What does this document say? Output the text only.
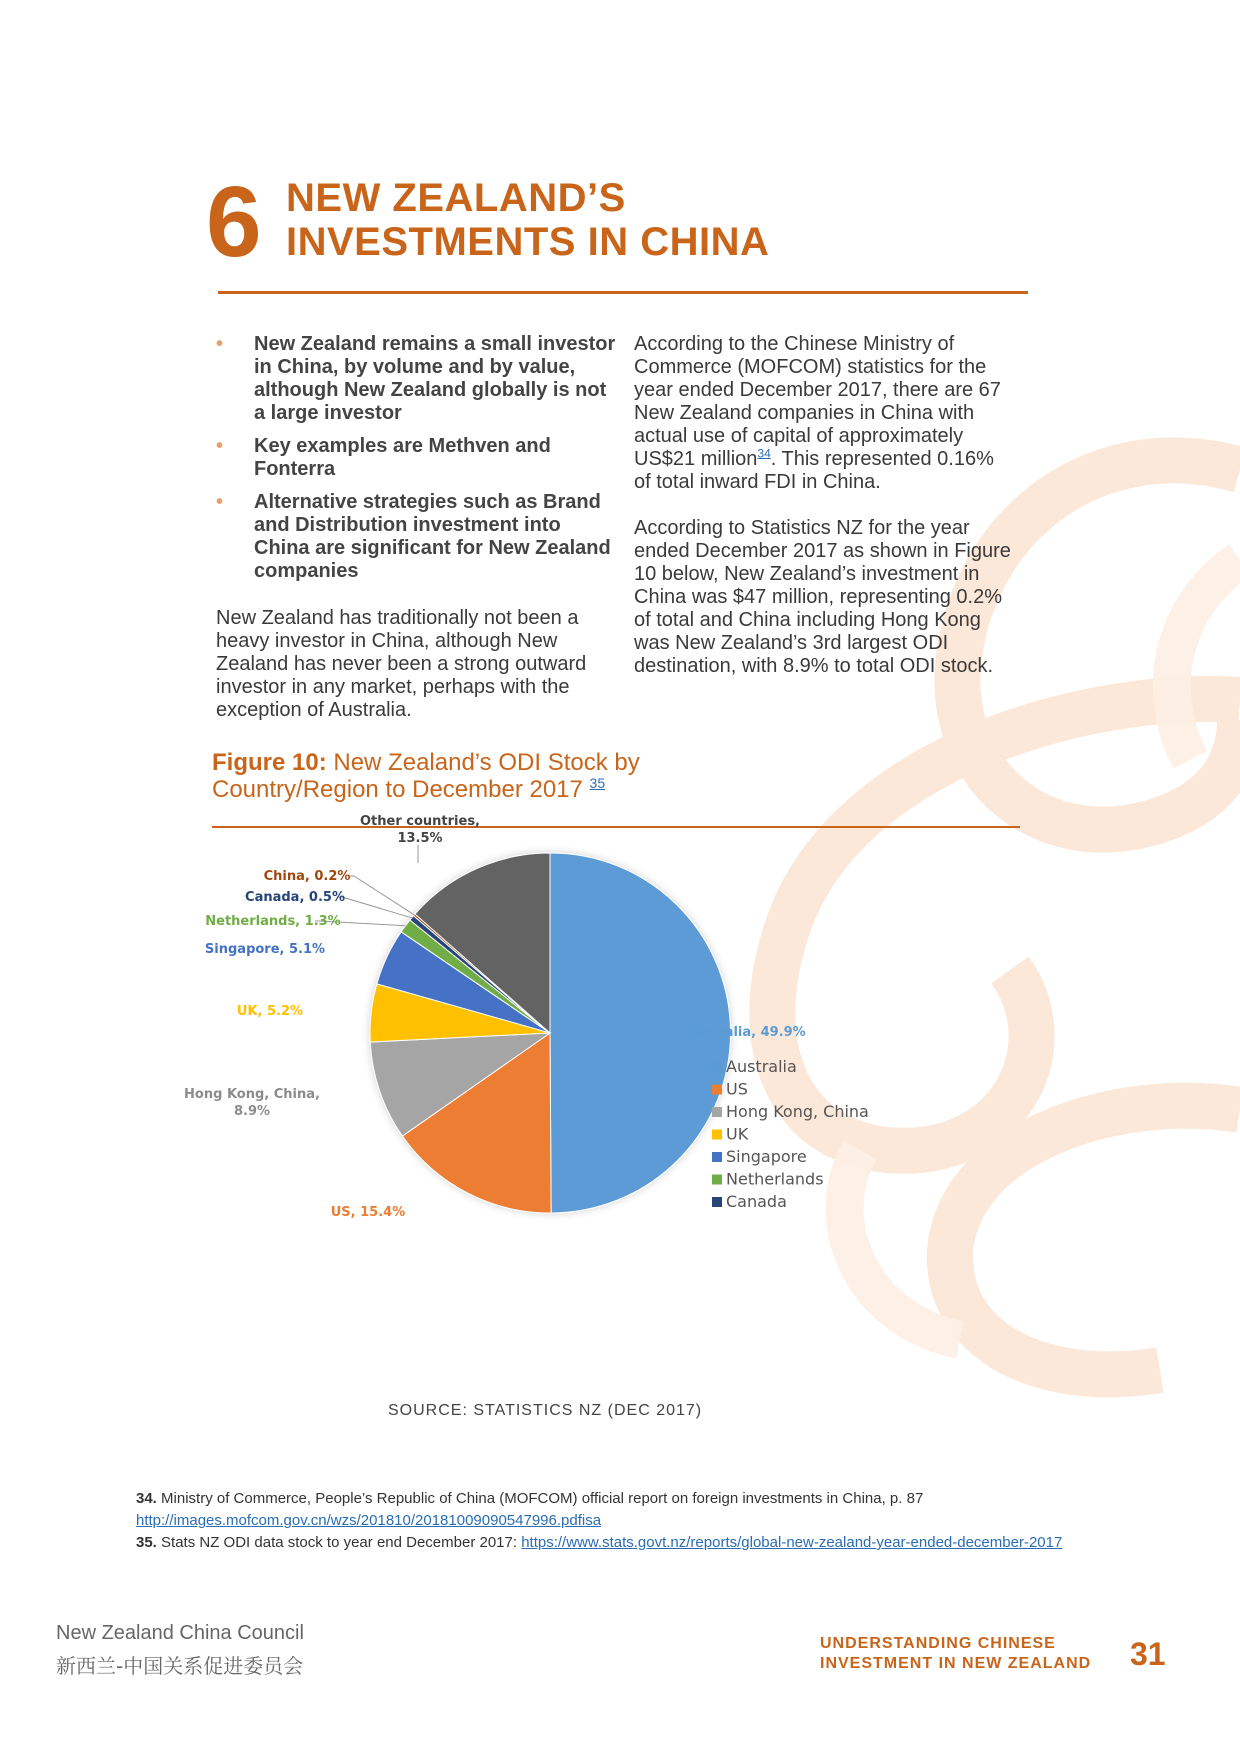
6 NEW ZEALAND’S
INVESTMENTS IN CHINA
• New Zealand remains a small investor in China, by volume and by value, although New Zealand globally is not a large investor
• Key examples are Methven and Fonterra
• Alternative strategies such as Brand and Distribution investment into China are significant for New Zealand companies

New Zealand has traditionally not been a heavy investor in China, although New Zealand has never been a strong outward investor in any market, perhaps with the exception of Australia.

According to the Chinese Ministry of Commerce (MOFCOM) statistics for the year ended December 2017, there are 67 New Zealand companies in China with actual use of capital of approximately US$21 million$^{34}$. This represented 0.16% of total inward FDI in China.

According to Statistics NZ for the year ended December 2017 as shown in Figure 10 below, New Zealand’s investment in China was $47 million, representing 0.2% of total and China including Hong Kong was New Zealand’s 3rd largest ODI destination, with 8.9% to total ODI stock.

Figure 10: New Zealand’s ODI Stock by
Country/Region to December 2017 $^{35}$
Australia, 49.9%
US, 15.4%
Hong Kong, China, 8.9%
UK, 5.2%
Singapore, 5.1%
Netherlands, 1.3%
Canada, 0.5%
China, 0.2%
Other countries, 13.5%
Australia
US
Hong Kong, China
UK
Singapore
Netherlands
Canada
SOURCE: STATISTICS NZ (DEC 2017)

34. Ministry of Commerce, People’s Republic of China (MOFCOM) official report on foreign investments in China, p. 87 http://images.mofcom.gov.cn/wzs/201810/20181009090547996.pdfisa

35. Stats NZ ODI data stock to year end December 2017: https://www.stats.govt.nz/reports/global-new-zealand-year-ended-december-2017

New Zealand China Council
新西兰-中国关系促进委员会
UNDERSTANDING CHINESE
INVESTMENT IN NEW ZEALAND 31
